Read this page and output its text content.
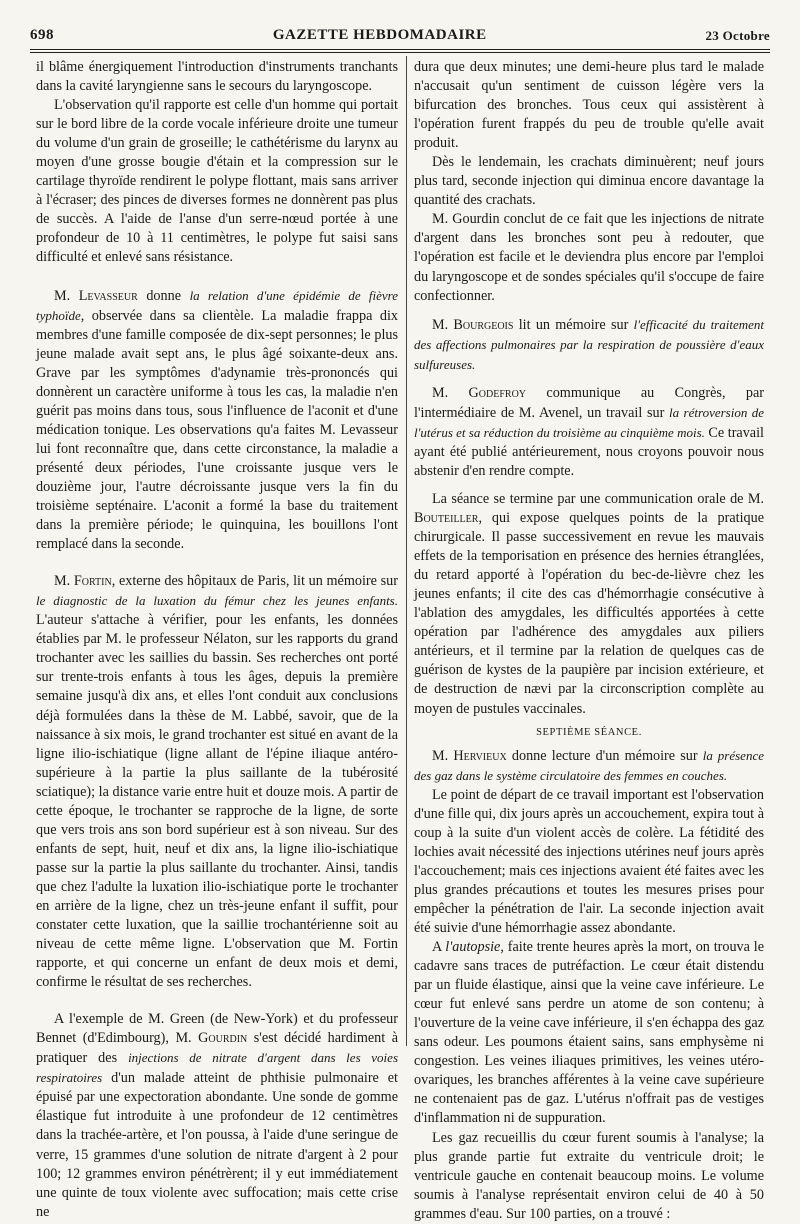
698	GAZETTE HEBDOMADAIRE	23 Octobre

il blâme énergiquement l'introduction d'instruments tranchants dans la cavité laryngienne sans le secours du laryngoscope.

L'observation qu'il rapporte est celle d'un homme qui portait sur le bord libre de la corde vocale inférieure droite une tumeur du volume d'un grain de groseille; le cathétérisme du larynx au moyen d'une grosse bougie d'étain et la compression sur le cartilage thyroïde rendirent le polype flottant, mais sans arriver à l'écraser; des pinces de diverses formes ne donnèrent pas plus de succès. A l'aide de l'anse d'un serre-nœud portée à une profondeur de 10 à 11 centimètres, le polype fut saisi sans difficulté et enlevé sans résistance.

M. Levasseur donne la relation d'une épidémie de fièvre typhoïde, observée dans sa clientèle. La maladie frappa dix membres d'une famille composée de dix-sept personnes; le plus jeune malade avait sept ans, le plus âgé soixante-deux ans. Grave par les symptômes d'adynamie très-prononcés qui donnèrent un caractère uniforme à tous les cas, la maladie n'en guérit pas moins dans tous, sous l'influence de l'aconit et d'une médication tonique. Les observations qu'a faites M. Levasseur lui font reconnaître que, dans cette circonstance, la maladie a présenté deux périodes, l'une croissante jusque vers le douzième jour, l'autre décroissante jusque vers la fin du troisième septénaire. L'aconit a formé la base du traitement dans la première période; le quinquina, les bouillons l'ont remplacé dans la seconde.

M. Fortin, externe des hôpitaux de Paris, lit un mémoire sur le diagnostic de la luxation du fémur chez les jeunes enfants. L'auteur s'attache à vérifier, pour les enfants, les données établies par M. le professeur Nélaton, sur les rapports du grand trochanter avec les saillies du bassin. Ses recherches ont porté sur trente-trois enfants à tous les âges, depuis la première semaine jusqu'à dix ans, et elles l'ont conduit aux conclusions déjà formulées dans la thèse de M. Labbé, savoir, que de la naissance à six mois, le grand trochanter est situé en avant de la ligne ilio-ischiatique (ligne allant de l'épine iliaque antéro-supérieure à la partie la plus saillante de la tubérosité sciatique); la distance varie entre huit et douze mois. A partir de cette époque, le trochanter se rapproche de la ligne, de sorte que vers trois ans son bord supérieur est à son niveau. Sur des enfants de sept, huit, neuf et dix ans, la ligne ilio-ischiatique passe sur la partie la plus saillante du trochanter. Ainsi, tandis que chez l'adulte la luxation ilio-ischiatique porte le trochanter en arrière de la ligne, chez un très-jeune enfant il suffit, pour constater cette luxation, que la saillie trochantérienne soit au niveau de cette même ligne. L'observation que M. Fortin rapporte, et qui concerne un enfant de deux mois et demi, confirme le résultat de ses recherches.

A l'exemple de M. Green (de New-York) et du professeur Bennet (d'Edimbourg), M. Gourdin s'est décidé hardiment à pratiquer des injections de nitrate d'argent dans les voies respiratoires d'un malade atteint de phthisie pulmonaire et épuisé par une expectoration abondante. Une sonde de gomme élastique fut introduite à une profondeur de 12 centimètres dans la trachée-artère, et l'on poussa, à l'aide d'une seringue de verre, 15 grammes d'une solution de nitrate d'argent à 2 pour 100; 12 grammes environ pénétrèrent; il y eut immédiatement une quinte de toux violente avec suffocation; mais cette crise ne

dura que deux minutes; une demi-heure plus tard le malade n'accusait qu'un sentiment de cuisson légère vers la bifurcation des bronches. Tous ceux qui assistèrent à l'opération furent frappés du peu de trouble qu'elle avait produit.

Dès le lendemain, les crachats diminuèrent; neuf jours plus tard, seconde injection qui diminua encore davantage la quantité des crachats.

M. Gourdin conclut de ce fait que les injections de nitrate d'argent dans les bronches sont peu à redouter, que l'opération est facile et le deviendra plus encore par l'emploi du laryngoscope et de sondes spéciales qu'il s'occupe de faire confectionner.

M. Bourgeois lit un mémoire sur l'efficacité du traitement des affections pulmonaires par la respiration de poussière d'eaux sulfureuses.

M. Godefroy communique au Congrès, par l'intermédiaire de M. Avenel, un travail sur la rétroversion de l'utérus et sa réduction du troisième au cinquième mois. Ce travail ayant été publié antérieurement, nous croyons pouvoir nous abstenir d'en rendre compte.

La séance se termine par une communication orale de M. Bouteiller, qui expose quelques points de la pratique chirurgicale. Il passe successivement en revue les mauvais effets de la temporisation en présence des hernies étranglées, du retard apporté à l'opération du bec-de-lièvre chez les jeunes enfants; il cite des cas d'hémorrhagie consécutive à l'ablation des amygdales, les difficultés apportées à cette opération par l'adhérence des amygdales aux piliers antérieurs, et il termine par la relation de quelques cas de guérison de kystes de la paupière par incision extérieure, et de destruction de nævi par la circonscription complète au moyen de pustules vaccinales.

SEPTIÈME SÉANCE.

M. Hervieux donne lecture d'un mémoire sur la présence des gaz dans le système circulatoire des femmes en couches.

Le point de départ de ce travail important est l'observation d'une fille qui, dix jours après un accouchement, expira tout à coup à la suite d'un violent accès de colère. La fétidité des lochies avait nécessité des injections utérines neuf jours après l'accouchement; mais ces injections avaient été faites avec les plus grandes précautions et toutes les mesures prises pour empêcher la pénétration de l'air. La seconde injection avait été suivie d'une hémorrhagie assez abondante.

A l'autopsie, faite trente heures après la mort, on trouva le cadavre sans traces de putréfaction. Le cœur était distendu par un fluide élastique, ainsi que la veine cave inférieure. Le cœur fut enlevé sans perdre un atome de son contenu; à l'ouverture de la veine cave inférieure, il s'en échappa des gaz sans odeur. Les poumons étaient sains, sans emphysème ni congestion. Les veines iliaques primitives, les veines utéro-ovariques, les branches afférentes à la veine cave supérieure ne contenaient pas de gaz. L'utérus n'offrait pas de vestiges d'inflammation ni de suppuration.

Les gaz recueillis du cœur furent soumis à l'analyse; la plus grande partie fut extraite du ventricule droit; le ventricule gauche en contenait beaucoup moins. Le volume soumis à l'analyse représentait environ celui de 40 à 50 grammes d'eau. Sur 100 parties, on a trouvé :
